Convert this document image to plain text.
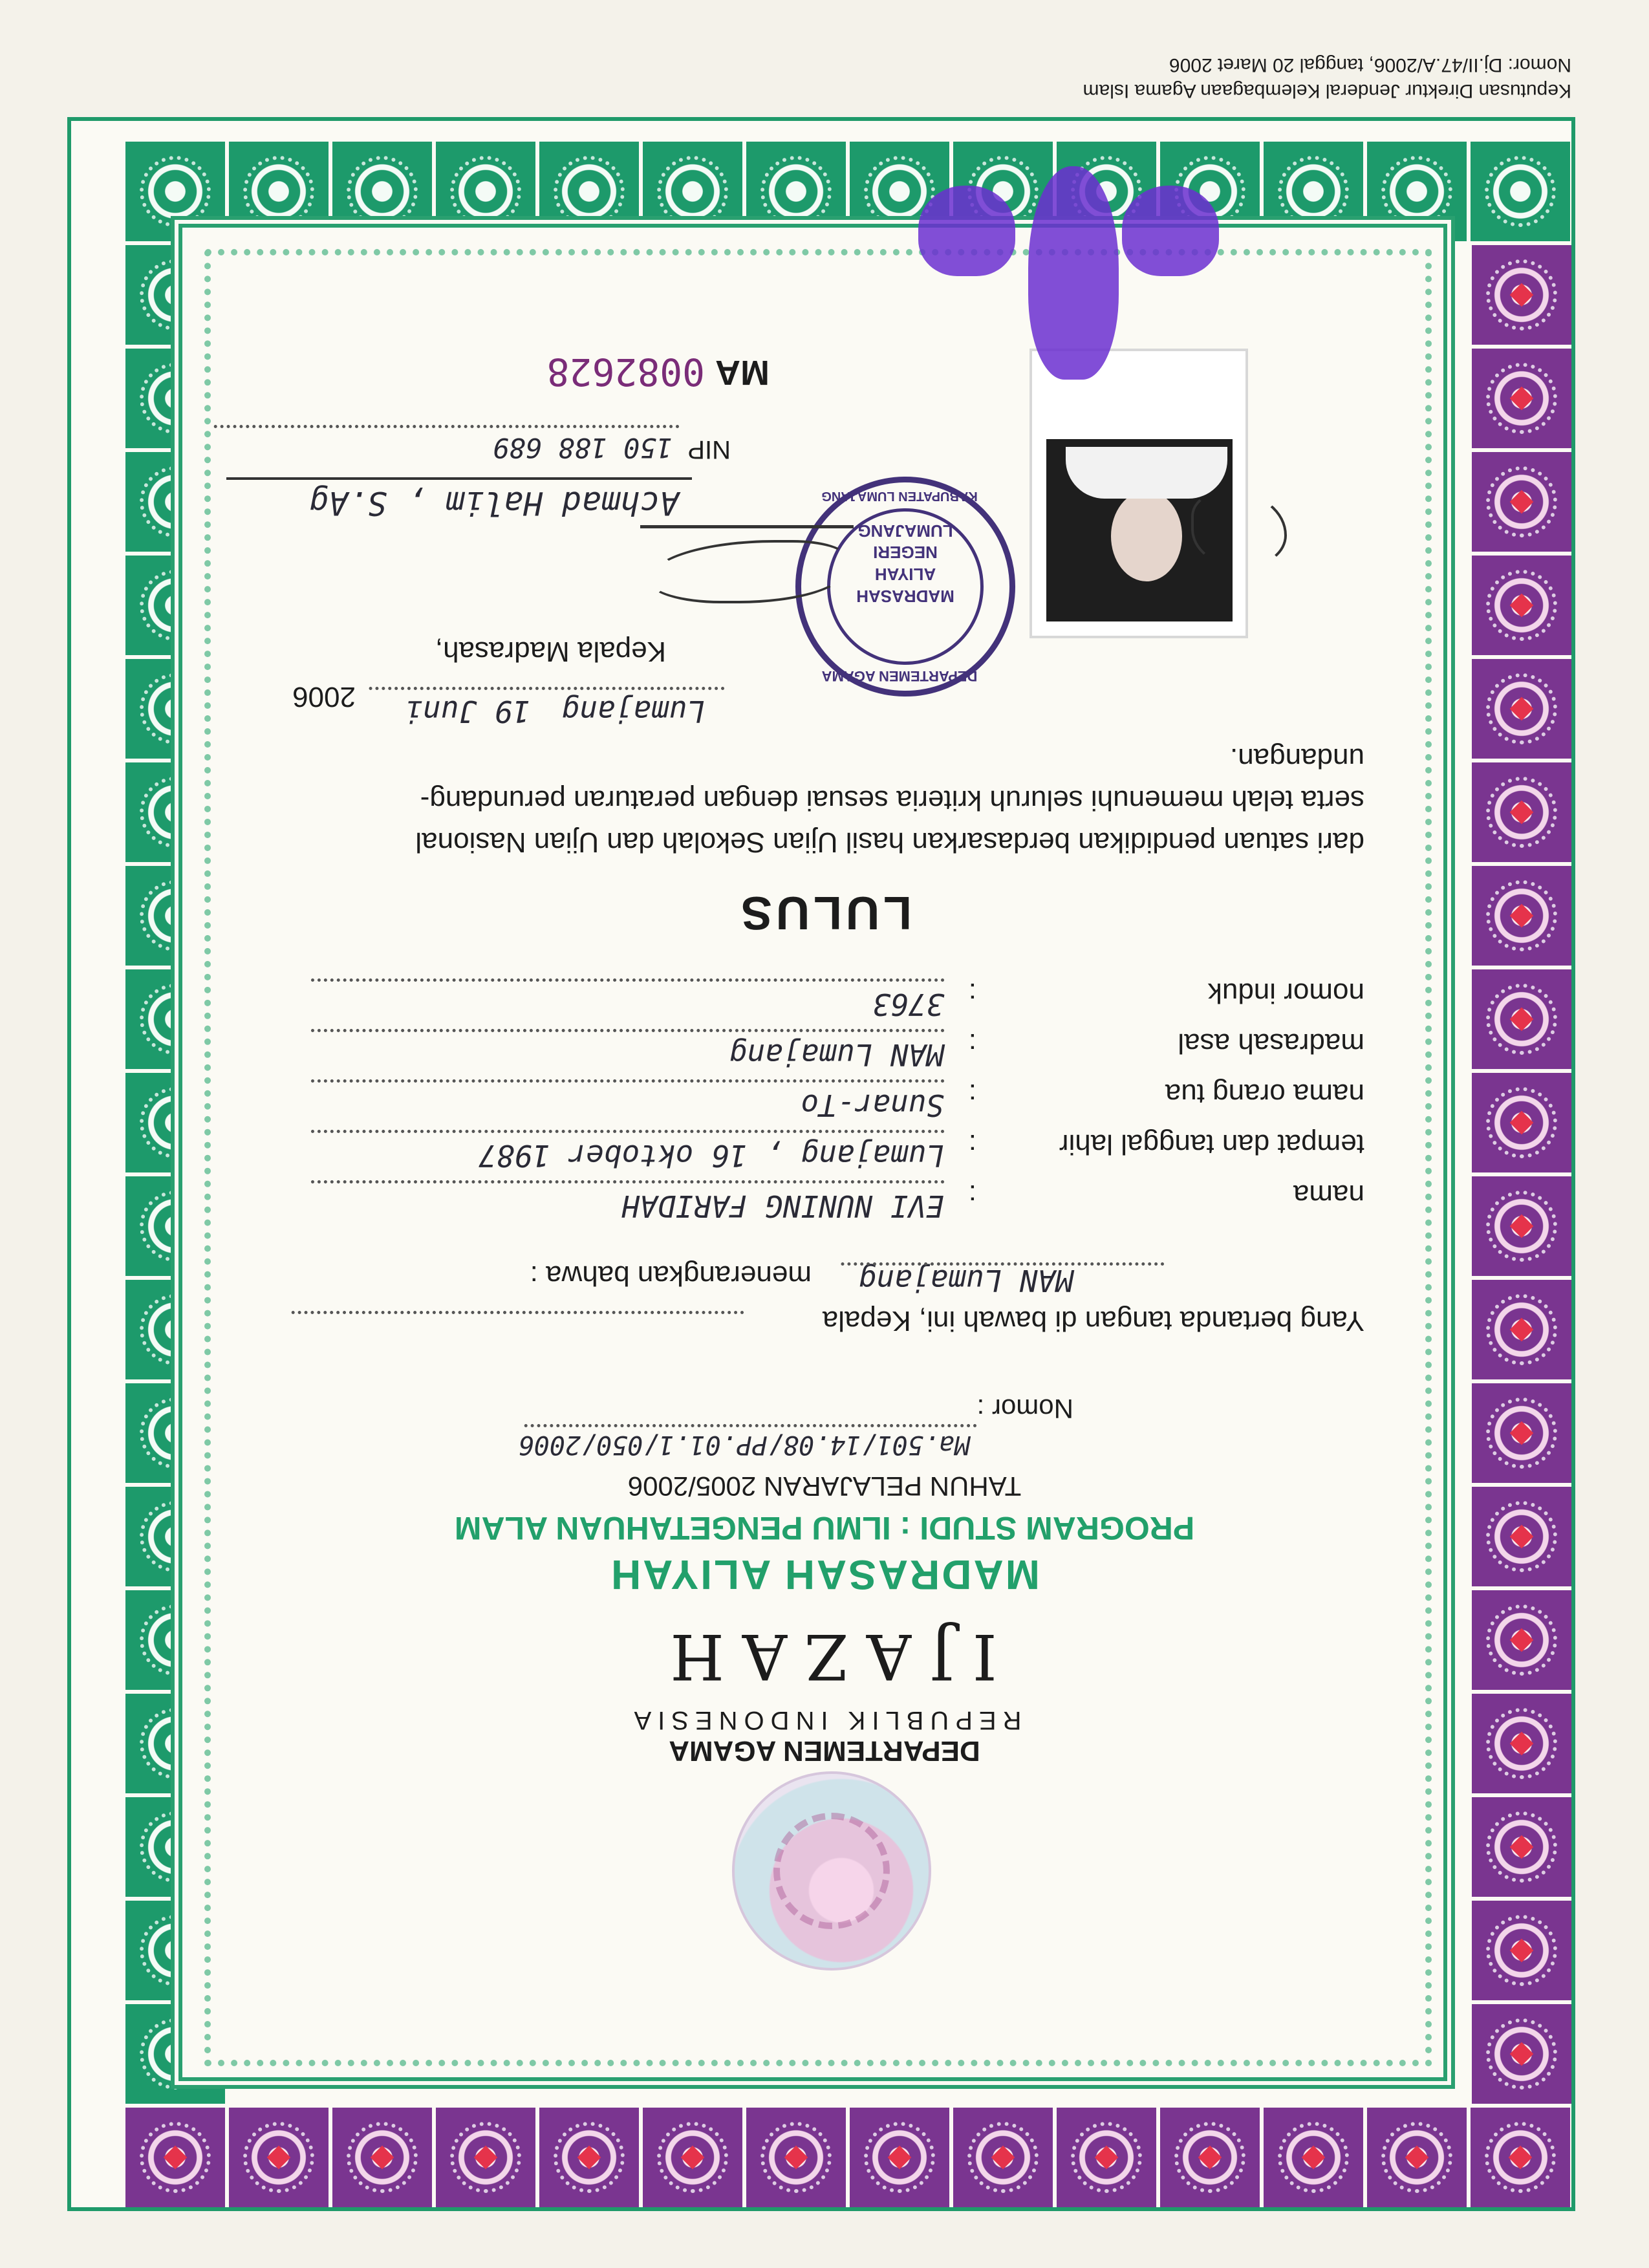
Keputusan Direktur Jenderal Kelembagaan Agama Islam
Nomor: Dj.II/47.A/2006, tanggal 20 Maret 2006
DEPARTEMEN AGAMA
REPUBLIK INDONESIA
IJAZAH
MADRASAH ALIYAH
PROGRAM STUDI : ILMU PENGETAHUAN ALAM
TAHUN PELAJARAN 2005/2006
Nomor :
Ma.501/14.08/PP.01.1/050/2006
Yang bertanda tangan di bawah ini, Kepala
MAN Lumajang
menerangkan bahwa :
nama
:
EVI NUNING FARIDAH
tempat dan tanggal lahir
:
Lumajang , 16 oktober 1987
nama orang tua
:
Sunar-To
madrasah asal
:
MAN Lumajang
nomor induk
:
3763
LULUS
dari satuan pendidikan berdasarkan hasil Ujian Sekolah dan Ujian Nasional
serta telah memenuhi seluruh kriteria sesuai dengan peraturan perundang-
undangan.
Lumajang
19 Juni
2006
Kepala Madrasah,
MADRASAH ALIYAH
NEGERI LUMAJANG
DEPARTEMEN AGAMA
KABUPATEN LUMAJANG
Achmad Halim , S.Ag
NIP
150 188 689
MA
0082628
